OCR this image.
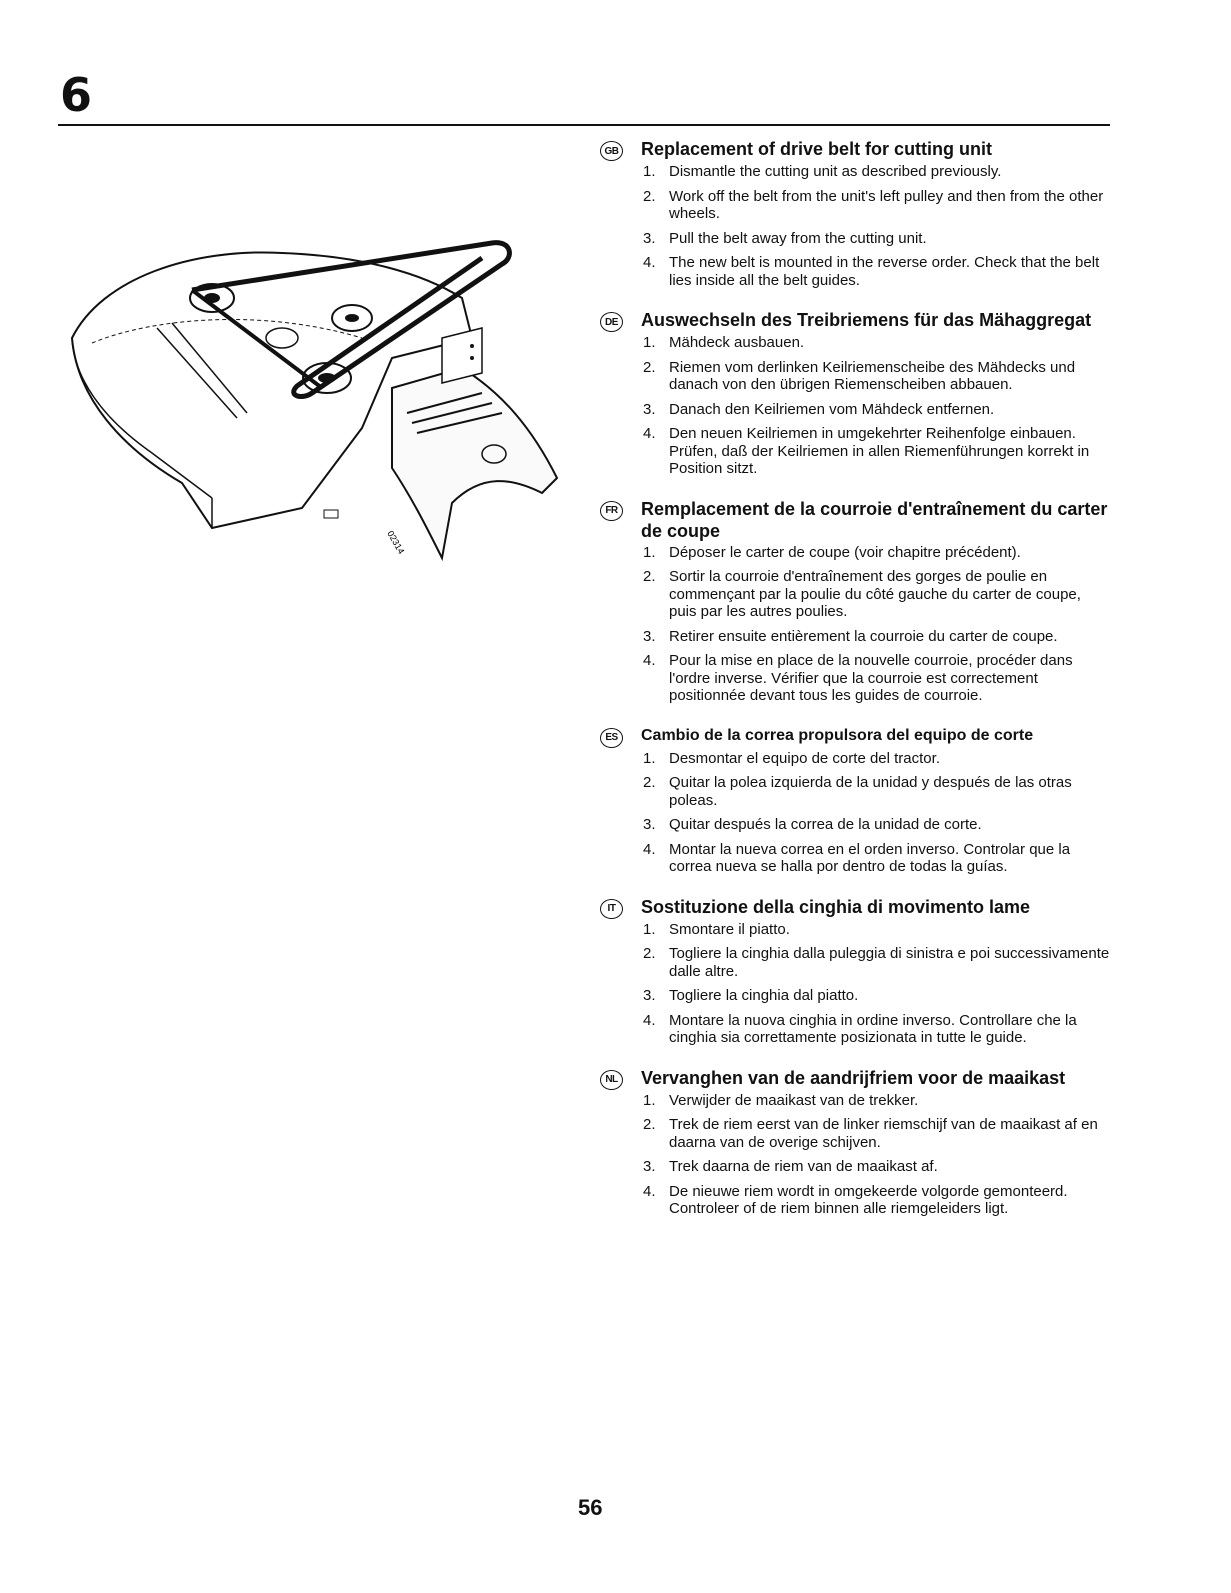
6
02314
GB Replacement of drive belt for cutting unit
1. Dismantle the cutting unit as described previously.
2. Work off the belt from the unit's left pulley and then from the other wheels.
3. Pull the belt away from the cutting unit.
4. The new belt is mounted in the reverse order. Check that the belt lies inside all the belt guides.
DE Auswechseln des Treibriemens für das Mähaggregat
1. Mähdeck ausbauen.
2. Riemen vom derlinken Keilriemenscheibe des Mähdecks und danach von den übrigen Riemenscheiben abbauen.
3. Danach den Keilriemen vom Mähdeck entfernen.
4. Den neuen Keilriemen in umgekehrter Reihenfolge einbauen. Prüfen, daß der Keilriemen in allen Riemenführungen korrekt in Position sitzt.
FR Remplacement de la courroie d'entraînement du carter de coupe
1. Déposer le carter de coupe (voir chapitre précédent).
2. Sortir la courroie d'entraînement des gorges de poulie en commençant par la poulie du côté gauche du carter de coupe, puis par les autres poulies.
3. Retirer ensuite entièrement la courroie du carter de coupe.
4. Pour la mise en place de la nouvelle courroie, procéder dans l'ordre inverse. Vérifier que la courroie est correctement positionnée devant tous les guides de courroie.
ES	Cambio de la correa propulsora del equipo de corte
1. Desmontar el equipo de corte del tractor.
2. Quitar la polea izquierda de la unidad y después de las otras poleas.
3. Quitar después la correa de la unidad de corte.
4. Montar la nueva correa en el orden inverso. Controlar que la correa nueva se halla por dentro de todas la guías.
IT	Sostituzione della cinghia di movimento lame
1. Smontare il piatto.
2. Togliere la cinghia dalla puleggia di sinistra e poi successivamente dalle altre.
3. Togliere la cinghia dal piatto.
4. Montare la nuova cinghia in ordine inverso. Controllare che la cinghia sia correttamente posizionata in tutte le guide.
NL Vervanghen van de aandrijfriem voor de maaikast
1. Verwijder de maaikast van de trekker.
2. Trek de riem eerst van de linker riemschijf van de maaikast af en daarna van de overige schijven.
3. Trek daarna de riem van de maaikast af.
4. De nieuwe riem wordt in omgekeerde volgorde gemonteerd. Controleer of de riem binnen alle riemgeleiders ligt.
56
